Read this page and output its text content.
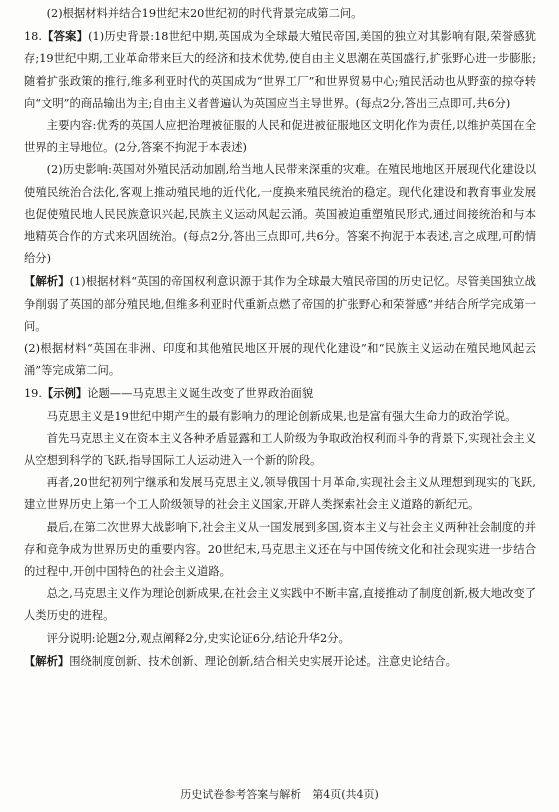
(2)根据材料并结合19世纪末20世纪初的时代背景完成第二问。

18.【答案】(1)历史背景:18世纪中期,英国成为全球最大殖民帝国,美国的独立对其影响有限,荣誉感犹存;19世纪中期,工业革命带来巨大的经济和技术优势,使自由主义思潮在英国盛行,扩张野心进一步膨胀;随着扩张政策的推行,维多利亚时代的英国成为“世界工厂”和世界贸易中心;殖民活动也从野蛮的掠夺转向“文明”的商品输出为主;自由主义者普遍认为英国应当主导世界。(每点2分,答出三点即可,共6分)

主要内容:优秀的英国人应把治理被征服的人民和促进被征服地区文明化作为责任,以维护英国在全世界的主导地位。(2分,答案不拘泥于本表述)

(2)历史影响:英国对外殖民活动加剧,给当地人民带来深重的灾难。在殖民地地区开展现代化建设以使殖民统治合法化,客观上推动殖民地的近代化,一度换来殖民统治的稳定。现代化建设和教育事业发展也促使殖民地人民民族意识兴起,民族主义运动风起云涌。英国被迫重塑殖民形式,通过间接统治和与本地精英合作的方式来巩固统治。(每点2分,答出三点即可,共6分。答案不拘泥于本表述,言之成理,可酌情给分)

【解析】(1)根据材料“英国的帝国权利意识源于其作为全球最大殖民帝国的历史记忆。尽管美国独立战争削弱了英国的部分殖民地,但维多利亚时代重新点燃了帝国的扩张野心和荣誉感”并结合所学完成第一问。

(2)根据材料“英国在非洲、印度和其他殖民地区开展的现代化建设”和“民族主义运动在殖民地风起云涌”等完成第二问。

19.【示例】论题——马克思主义诞生改变了世界政治面貌

马克思主义是19世纪中期产生的最有影响力的理论创新成果,也是富有强大生命力的政治学说。

首先马克思主义在资本主义各种矛盾显露和工人阶级为争取政治权利而斗争的背景下,实现社会主义从空想到科学的飞跃,指导国际工人运动进入一个新的阶段。

再者,20世纪初列宁继承和发展马克思主义,领导俄国十月革命,实现社会主义从理想到现实的飞跃,建立世界历史上第一个工人阶级领导的社会主义国家,开辟人类探索社会主义道路的新纪元。

最后,在第二次世界大战影响下,社会主义从一国发展到多国,资本主义与社会主义两种社会制度的并存和竞争成为世界历史的重要内容。20世纪末,马克思主义还在与中国传统文化和社会现实进一步结合的过程中,开创中国特色的社会主义道路。

总之,马克思主义作为理论创新成果,在社会主义实践中不断丰富,直接推动了制度创新,极大地改变了人类历史的进程。

评分说明:论题2分,观点阐释2分,史实论证6分,结论升华2分。

【解析】围绕制度创新、技术创新、理论创新,结合相关史实展开论述。注意史论结合。

历史试卷参考答案与解析　第4页(共4页)
